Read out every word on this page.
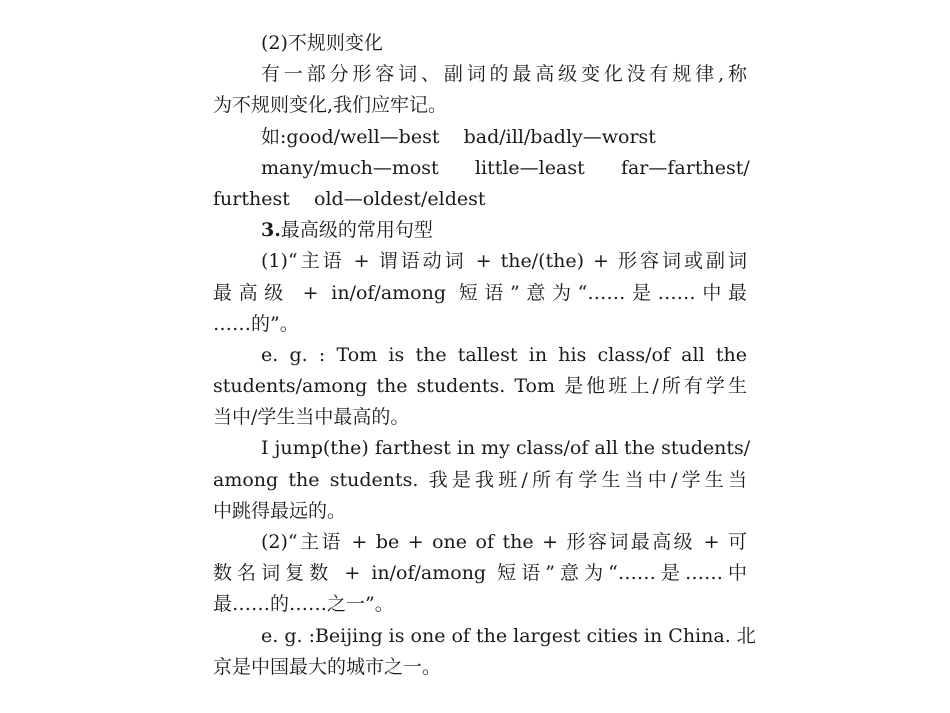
(2)不规则变化
有一部分形容词、副词的最高级变化没有规律,称
为不规则变化,我们应牢记。
如:good/well—best    bad/ill/badly—worst
many/much—most      little—least      far—farthest/
furthest    old—oldest/eldest
3.最高级的常用句型
(1)“主语 + 谓语动词 + the/(the) + 形容词或副词
最高级 + in/of/among 短语”意为“……是……中最
……的”。
e. g. : Tom is the tallest in his class/of all the
students/among the students. Tom 是他班上/所有学生
当中/学生当中最高的。
I jump(the) farthest in my class/of all the students/
among the students. 我是我班/所有学生当中/学生当
中跳得最远的。
(2)“主语 + be + one of the + 形容词最高级 + 可
数名词复数 + in/of/among 短语”意为“……是……中
最……的……之一”。
e. g. :Beijing is one of the largest cities in China. 北
京是中国最大的城市之一。
